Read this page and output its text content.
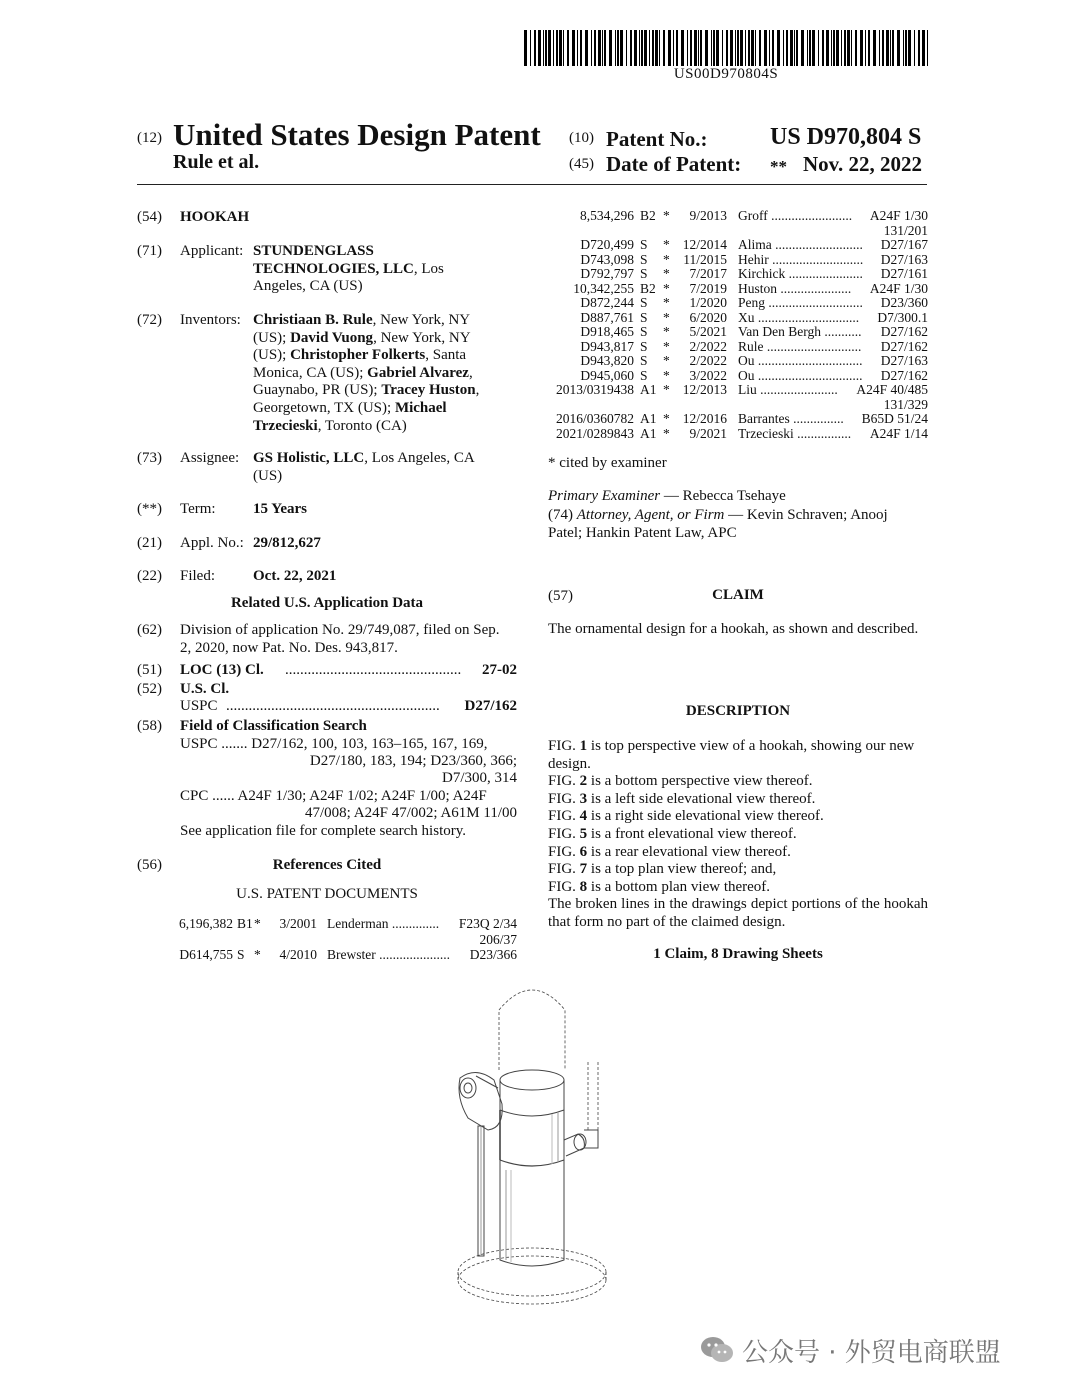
US00D970804S
(12) United States Design Patent
Rule et al.
(10) Patent No.:	US D970,804 S
(45) Date of Patent: ** Nov. 22, 2022
(54) HOOKAH
(71) Applicant: STUNDENGLASS
TECHNOLOGIES, LLC, Los
Angeles, CA (US)
(72) Inventors: Christiaan B. Rule, New York, NY
(US); David Vuong, New York, NY
(US); Christopher Folkerts, Santa
Monica, CA (US); Gabriel Alvarez,
Guaynabo, PR (US); Tracey Huston,
Georgetown, TX (US); Michael
Trzecieski, Toronto (CA)
(73) Assignee: GS Holistic, LLC, Los Angeles, CA
(US)
(**) Term: 15 Years
(21) Appl. No.: 29/812,627
(22) Filed:	Oct. 22, 2021
Related U.S. Application Data
(62) Division of application No. 29/749,087, filed on Sep.
2, 2020, now Pat. No. Des. 943,817.
(51) LOC (13) Cl. ...............................................	27-02
(52) U.S. Cl.
USPC .........................................................	D27/162
(58) Field of Classification Search
USPC ....... D27/162, 100, 103, 163–165, 167, 169,
D27/180, 183, 194; D23/360, 366;
D7/300, 314
CPC ...... A24F 1/30; A24F 1/02; A24F 1/00; A24F
47/008; A24F 47/002; A61M 11/00
See application file for complete search history.
(56)	References Cited
U.S. PATENT DOCUMENTS
6,196,382 B1 *	3/2001 Lenderman ..............	F23Q 2/34
206/37
D614,755 S *	4/2010 Brewster .....................	D23/366
8,534,296 B2 *	9/2013 Groff ........................	A24F 1/30
131/201
D720,499 S * 12/2014 Alima ..........................	D27/167
D743,098 S *	11/2015 Hehir ...........................	D27/163
D792,797 S *	7/2017 Kirchick ......................	D27/161
10,342,255 B2 *	7/2019 Huston .....................	A24F 1/30
D872,244 S *	1/2020 Peng ............................	D23/360
D887,761 S *	6/2020 Xu ..............................	D7/300.1
D918,465 S *	5/2021 Van Den Bergh ...........	D27/162
D943,817 S *	2/2022 Rule ............................	D27/162
D943,820 S *	2/2022 Ou ...............................	D27/163
D945,060 S *	3/2022 Ou ...............................	D27/162
2013/0319438 A1 * 12/2013 Liu .......................	A24F 40/485
131/329
2016/0360782 A1 * 12/2016 Barrantes ...............	B65D 51/24
2021/0289843 A1 *	9/2021 Trzecieski ................	A24F 1/14
* cited by examiner
Primary Examiner — Rebecca Tsehaye
(74) Attorney, Agent, or Firm — Kevin Schraven; Anooj
Patel; Hankin Patent Law, APC
(57)	CLAIM
The ornamental design for a hookah, as shown and described.
DESCRIPTION
FIG. 1 is top perspective view of a hookah, showing our new
design.
FIG. 2 is a bottom perspective view thereof.
FIG. 3 is a left side elevational view thereof.
FIG. 4 is a right side elevational view thereof.
FIG. 5 is a front elevational view thereof.
FIG. 6 is a rear elevational view thereof.
FIG. 7 is a top plan view thereof; and,
FIG. 8 is a bottom plan view thereof.
The broken lines in the drawings depict portions of the hookah that form no part of the claimed design.
1 Claim, 8 Drawing Sheets
公众号 · 外贸电商联盟
